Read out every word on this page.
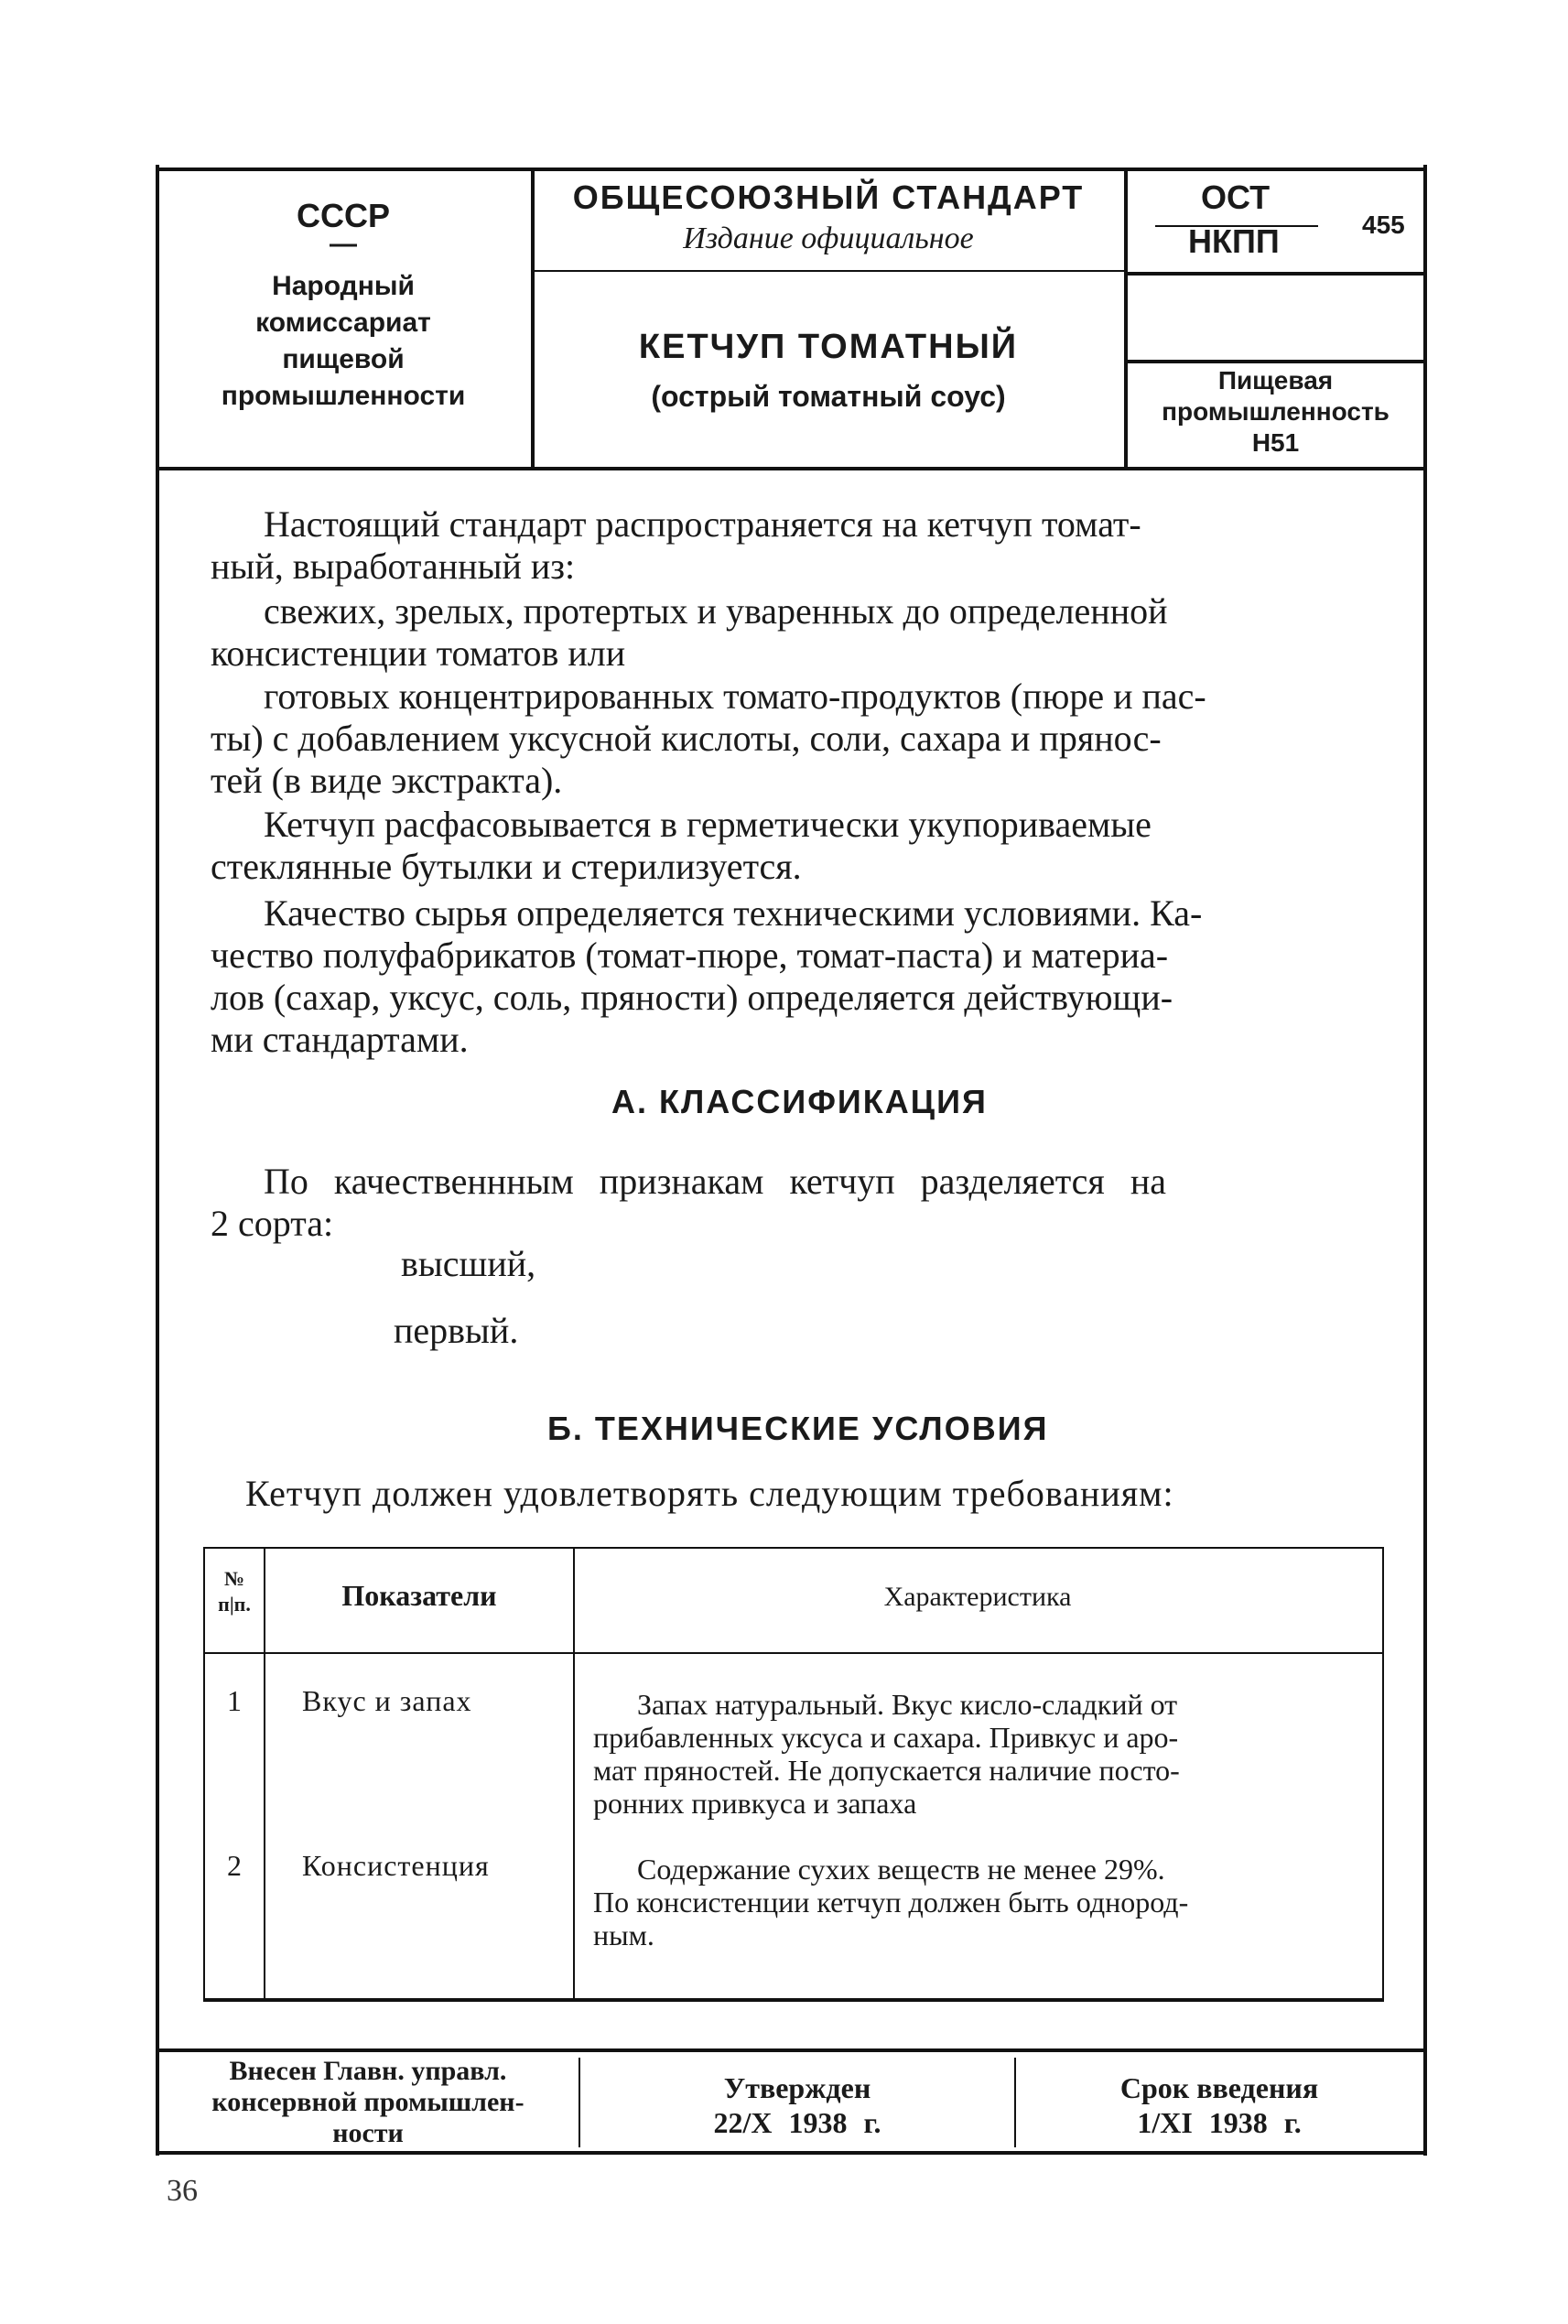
СССР
—
Народный
комиссариат
пищевой
промышленности
ОБЩЕСОЮЗНЫЙ СТАНДАРТ
Издание официальное
КЕТЧУП ТОМАТНЫЙ
(острый томатный соус)
ОСТ
НКПП	455
Пищевая
промышленность
Н51
Настоящий стандарт распространяется на кетчуп томат-
ный, выработанный из:
свежих, зрелых, протертых и уваренных до определенной
консистенции томатов или
готовых концентрированных томато-продуктов (пюре и пас-
ты) с добавлением уксусной кислоты, соли, сахара и прянос-
тей (в виде экстракта).
Кетчуп расфасовывается в герметически укупориваемые
стеклянные бутылки и стерилизуется.
Качество сырья определяется техническими условиями. Ка-
чество полуфабрикатов (томат-пюре, томат-паста) и материа-
лов (сахар, уксус, соль, пряности) определяется действующи-
ми стандартами.
А. КЛАССИФИКАЦИЯ
По качественнным признакам кетчуп разделяется на
2 сорта:
высший,
первый.
Б. ТЕХНИЧЕСКИЕ УСЛОВИЯ
Кетчуп должен удовлетворять следующим требованиям:
№
п|п.	Показатели	Характеристика
1	Вкус и запах	Запах натуральный. Вкус кисло-сладкий от
прибавленных уксуса и сахара. Привкус и аро-
мат пряностей. Не допускается наличие посто-
ронних привкуса и запаха
2	Консистенция	Содержание сухих веществ не менее 29%.
По консистенции кетчуп должен быть однород-
ным.
Внесен Главн. управл.
консервной промышлен-
ности
Утвержден
22/X 1938 г.
Срок введения
1/XI 1938 г.
36
